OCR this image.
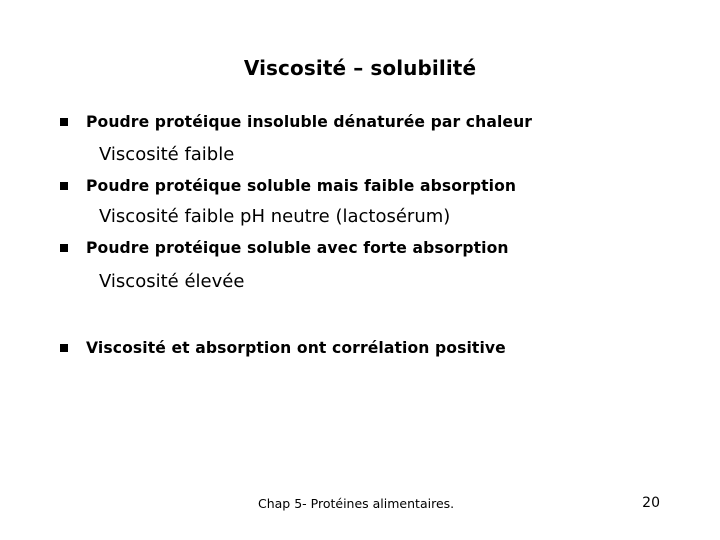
Viscosité – solubilité
Poudre protéique insoluble dénaturée par chaleur
Viscosité faible
Poudre protéique soluble mais faible absorption
Viscosité faible pH neutre (lactosérum)
Poudre protéique soluble avec forte absorption
Viscosité élevée
Viscosité et absorption ont corrélation positive
Chap 5- Protéines alimentaires.	20
